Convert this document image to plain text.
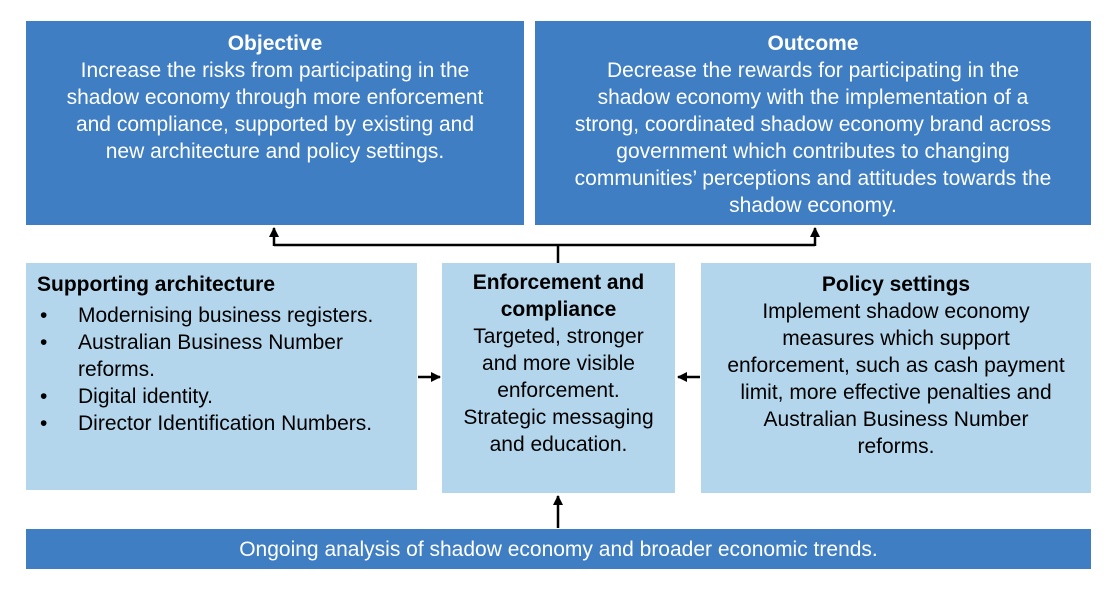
Objective
Increase the risks from participating in the
shadow economy through more enforcement
and compliance, supported by existing and
new architecture and policy settings.
Outcome
Decrease the rewards for participating in the
shadow economy with the implementation of a
strong, coordinated shadow economy brand across
government which contributes to changing
communities’ perceptions and attitudes towards the
shadow economy.
Supporting architecture
• Modernising business registers.
• Australian Business Number
reforms.
• Digital identity.
• Director Identification Numbers.
Enforcement and
compliance
Targeted, stronger
and more visible
enforcement.
Strategic messaging
and education.
Policy settings
Implement shadow economy
measures which support
enforcement, such as cash payment
limit, more effective penalties and
Australian Business Number
reforms.
Ongoing analysis of shadow economy and broader economic trends.
